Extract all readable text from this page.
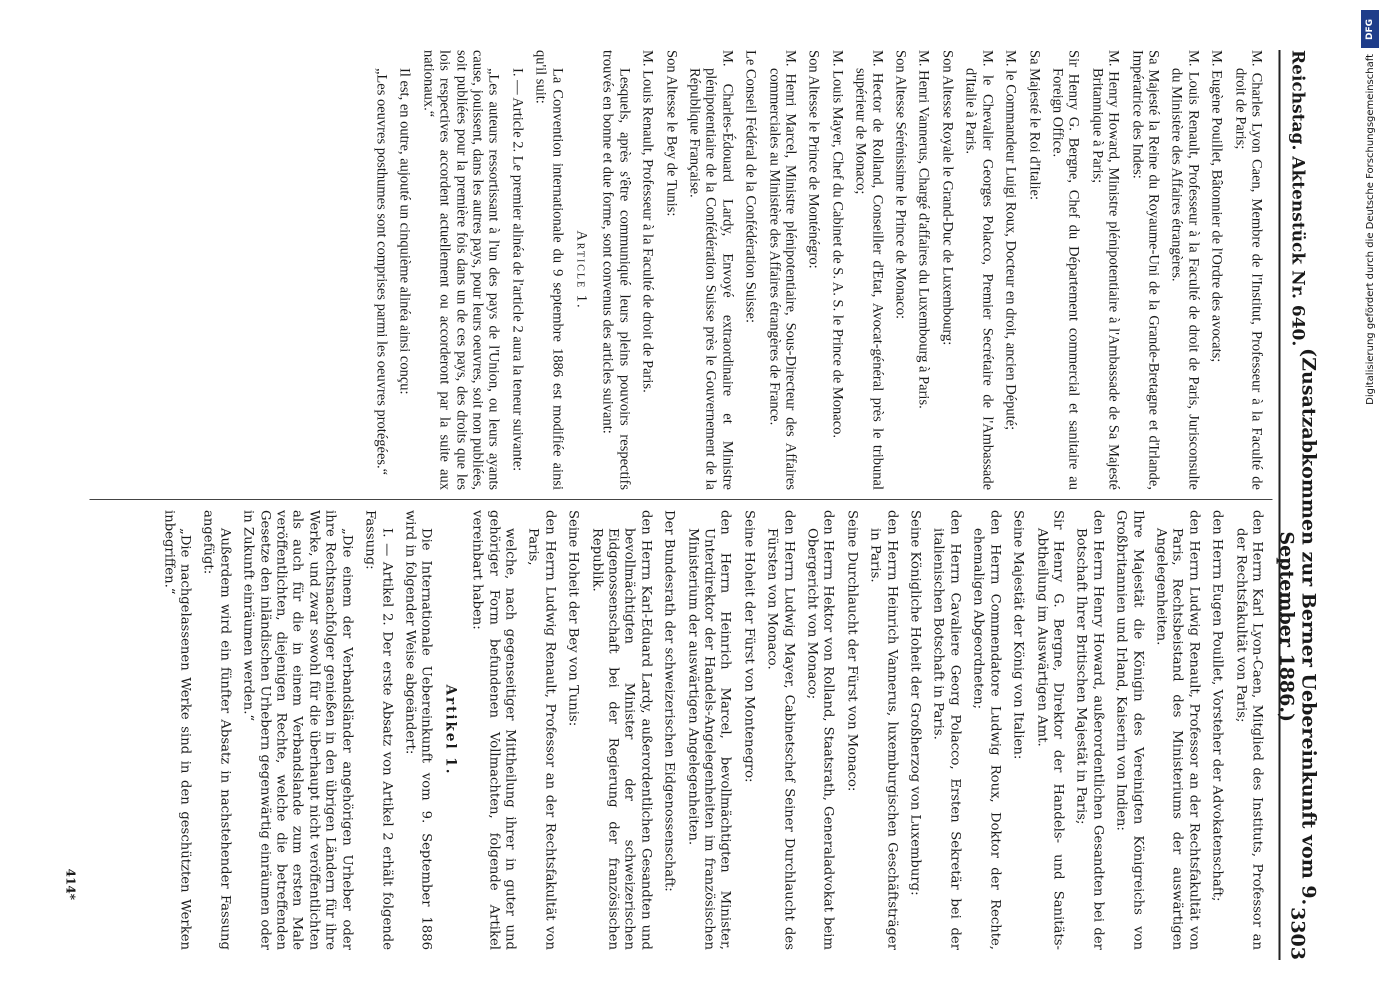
Reichstag. Aktenstück Nr. 640.
(Zusatzabkommen zur Berner Uebereinkunft vom 9. September 1886.)
3303
M. Charles Lyon Caen, Membre de l'Institut, Professeur à la Faculté de droit de Paris;
M. Eugène Pouillet, Bâtonnier de l'Ordre des avocats;
M. Louis Renault, Professeur à la Faculté de droit de Paris, Jurisconsulte du Ministère des Affaires étrangères.
Sa Majesté la Reine du Royaume-Uni de la Grande-Bretagne et d'Irlande, Impératrice des Indes:
M. Henry Howard, Ministre plénipotentiaire à l'Ambassade de Sa Majesté Britannique à Paris;
Sir Henry G. Bergne, Chef du Département commercial et sanitaire au Foreign Office.
Sa Majesté le Roi d'Italie:
M. le Commandeur Luigi Roux, Docteur en droit, ancien Député;
M. le Chevalier Georges Polacco, Premier Secrétaire de l'Ambassade d'Italie à Paris.
Son Altesse Royale le Grand-Duc de Luxembourg:
M. Henri Vannerus, Chargé d'affaires du Luxembourg à Paris.
Son Altesse Sérénissime le Prince de Monaco:
M. Hector de Rolland, Conseiller d'Etat, Avocat-général près le tribunal supérieur de Monaco;
M. Louis Mayer, Chef du Cabinet de S. A. S. le Prince de Monaco.
Son Altesse le Prince de Monténégro:
M. Henri Marcel, Ministre plénipotentiaire, Sous-Directeur des Affaires commerciales au Ministère des Affaires étrangères de France.
Le Conseil Fédéral de la Confédération Suisse:
M. Charles-Édouard Lardy, Envoyé extraordinaire et Ministre plénipotentiaire de la Confédération Suisse près le Gouvernement de la République Française.
Son Altesse le Bey de Tunis:
M. Louis Renault, Professeur à la Faculté de droit de Paris.
Lesquels, après s'être communiqué leurs pleins pouvoirs respectifs trouvés en bonne et due forme, sont convenus des articles suivant:
Article 1.
La Convention internationale du 9 septembre 1886 est modifiée ainsi qu'il suit:
I. — Article 2. Le premier alinéa de l'article 2 aura la teneur suivante:
„Les auteurs ressortissant à l'un des pays de l'Union, ou leurs ayants cause, jouissent, dans les autres pays, pour leurs oeuvres, soit non publiées, soit publiées pour la première fois dans un de ces pays, des droits que les lois respectives accordent actuellement ou accorderont par la suite aux nationaux.“
Il est, en outre, aujouté un cinquième alinéa ainsi conçu:
„Les oeuvres posthumes sont comprises parmi les oeuvres protégées.“
den Herrn Karl Lyon-Caen, Mitglied des Instituts, Professor an der Rechtsfakultät von Paris;
den Herrn Eugen Pouillet, Vorsteher der Advokatenschaft;
den Herrn Ludwig Renault, Professor an der Rechtsfakultät von Paris, Rechtsbeistand des Ministeriums der auswärtigen Angelegenheiten.
Ihre Majestät die Königin des Vereinigten Königreichs von Großbritannien und Irland, Kaiserin von Indien:
den Herrn Henry Howard, außerordentlichen Gesandten bei der Botschaft Ihrer Britischen Majestät in Paris;
Sir Henry G. Bergne, Direktor der Handels- und Sanitäts-Abtheilung im Auswärtigen Amt.
Seine Majestät der König von Italien:
den Herrn Commendatore Ludwig Roux, Doktor der Rechte, ehemaligen Abgeordneten;
den Herrn Cavaliere Georg Polacco, Ersten Sekretär bei der italienischen Botschaft in Paris.
Seine Königliche Hoheit der Großherzog von Luxemburg:
den Herrn Heinrich Vannerus, luxemburgischen Geschäftsträger in Paris.
Seine Durchlaucht der Fürst von Monaco:
den Herrn Hektor von Rolland, Staatsrath, Generaladvokat beim Obergericht von Monaco;
den Herrn Ludwig Mayer, Cabinetschef Seiner Durchlaucht des Fürsten von Monaco.
Seine Hoheit der Fürst von Montenegro:
den Herrn Heinrich Marcel, bevollmächtigten Minister, Unterdirektor der Handels-Angelegenheiten im französischen Ministerium der auswärtigen Angelegenheiten.
Der Bundesrath der schweizerischen Eidgenossenschaft:
den Herrn Karl-Eduard Lardy, außerordentlichen Gesandten und bevollmächtigten Minister der schweizerischen Eidgenossenschaft bei der Regierung der französischen Republik.
Seine Hoheit der Bey von Tunis:
den Herrn Ludwig Renault, Professor an der Rechtsfakultät von Paris,
welche, nach gegenseitiger Mittheilung ihrer in guter und gehöriger Form befundenen Vollmachten, folgende Artikel vereinbart haben:
Artikel 1.
Die Internationale Uebereinkunft vom 9. September 1886 wird in folgender Weise abgeändert:
I. — Artikel 2. Der erste Absatz von Artikel 2 erhält folgende Fassung:
„Die einem der Verbandsländer angehörigen Urheber oder ihre Rechtsnachfolger genießen in den übrigen Ländern für ihre Werke, und zwar sowohl für die überhaupt nicht veröffentlichten als auch für die in einem Verbandslande zum ersten Male veröffentlichten, diejenigen Rechte, welche die betreffenden Gesetze den inländischen Urhebern gegenwärtig einräumen oder in Zukunft einräumen werden.“
Außerdem wird ein fünfter Absatz in nachstehender Fassung angefügt:
„Die nachgelassenen Werke sind in den geschützten Werken inbegriffen.“
414*
DFG
Digitalisierung gefördert durch die Deutsche Forschungsgemeinschaft
